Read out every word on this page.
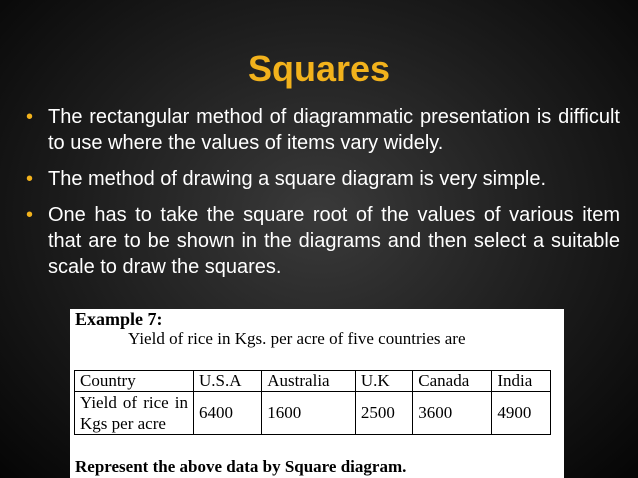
Squares
• The rectangular method of diagrammatic presentation is difficult to use where the values of items vary widely.
• The method of drawing a square diagram is very simple.
• One has to take the square root of the values of various item that are to be shown in the diagrams and then select a suitable scale to draw the squares.
Example 7:
Yield of rice in Kgs. per acre of five countries are
Country	U.S.A	Australia	U.K	Canada	India
Yield of rice in Kgs per acre	6400	1600	2500	3600	4900
Represent the above data by Square diagram.
